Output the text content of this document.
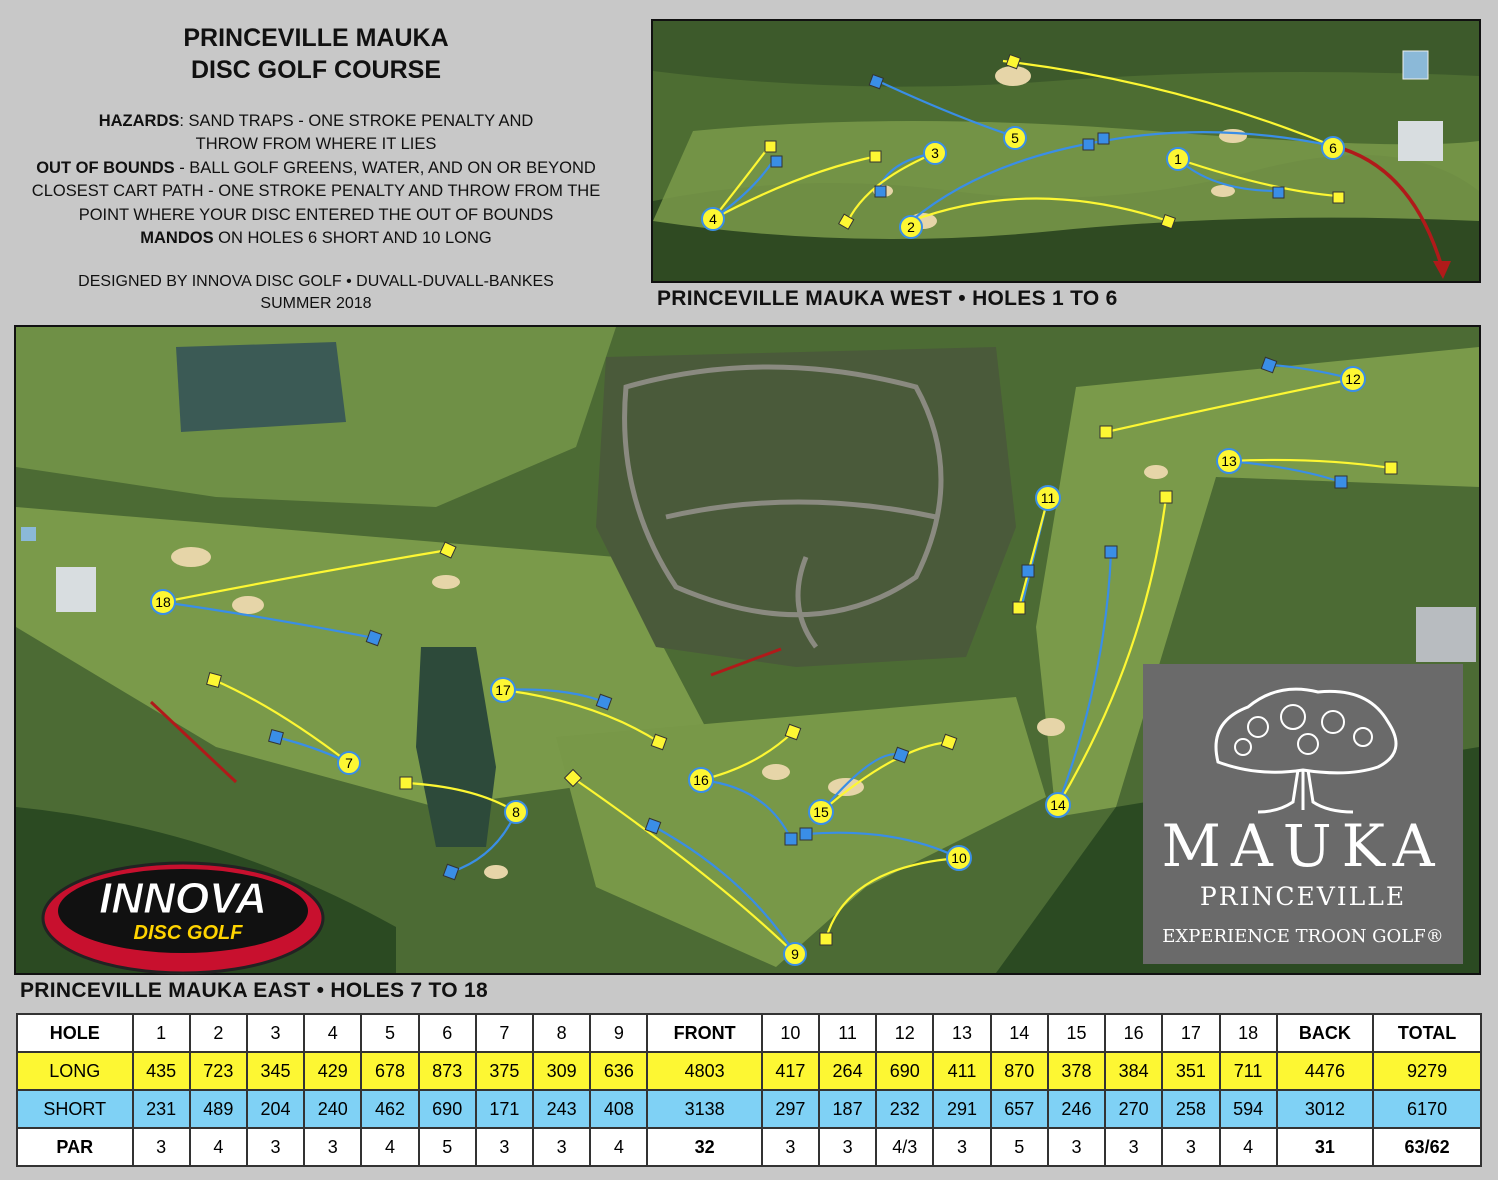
PRINCEVILLE MAUKA
DISC GOLF COURSE
HAZARDS: SAND TRAPS - ONE STROKE PENALTY AND
THROW FROM WHERE IT LIES
OUT OF BOUNDS - BALL GOLF GREENS, WATER, AND ON OR BEYOND
CLOSEST CART PATH - ONE STROKE PENALTY AND THROW FROM THE
POINT WHERE YOUR DISC ENTERED THE OUT OF BOUNDS
MANDOS ON HOLES 6 SHORT AND 10 LONG
DESIGNED BY INNOVA DISC GOLF • DUVALL-DUVALL-BANKES
SUMMER 2018
1
2
3
4
5
6
PRINCEVILLE MAUKA WEST • HOLES 1 TO 6
7
8
9
10
11
12
13
14
15
16
17
18
PRINCEVILLE MAUKA EAST • HOLES 7 TO 18
INNOVA
DISC GOLF
MAUKA
PRINCEVILLE
EXPERIENCE TROON GOLF®
HOLE	1	2	3	4	5	6	7	8	9	FRONT	10	11	12	13	14	15	16	17	18	BACK	TOTAL
LONG	435	723	345	429	678	873	375	309	636	4803	417	264	690	411	870	378	384	351	711	4476	9279
SHORT	231	489	204	240	462	690	171	243	408	3138	297	187	232	291	657	246	270	258	594	3012	6170
PAR	3	4	3	3	4	5	3	3	4	32	3	3	4/3	3	5	3	3	3	4	31	63/62
